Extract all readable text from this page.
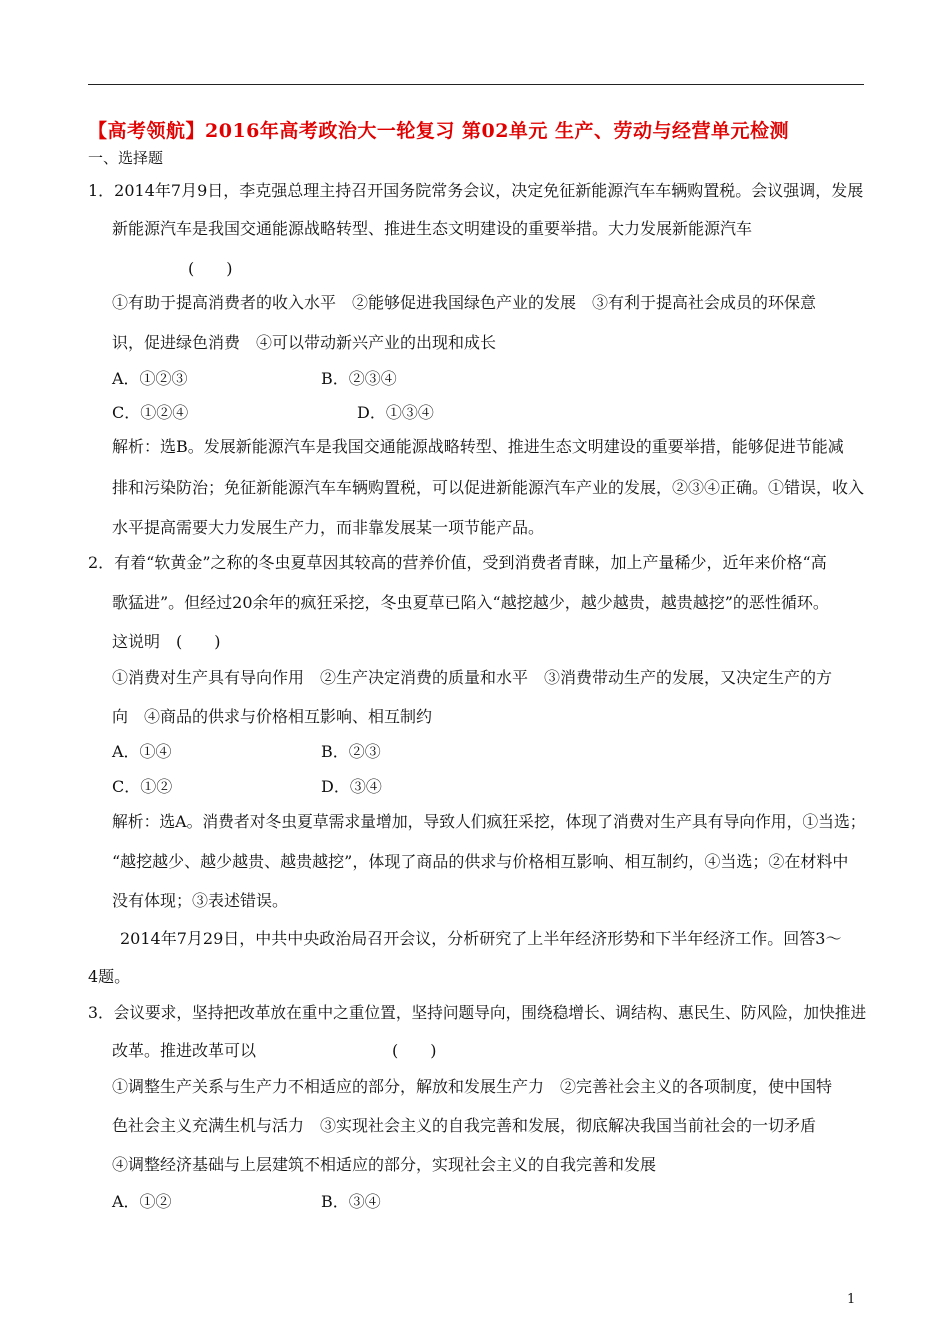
【高考领航】2016年高考政治大一轮复习 第02单元 生产、劳动与经营单元检测
一、选择题
1．2014年7月9日，李克强总理主持召开国务院常务会议，决定免征新能源汽车车辆购置税。会议强调，发展
新能源汽车是我国交通能源战略转型、推进生态文明建设的重要举措。大力发展新能源汽车
(　　)
①有助于提高消费者的收入水平　②能够促进我国绿色产业的发展　③有利于提高社会成员的环保意
识，促进绿色消费　④可以带动新兴产业的出现和成长
A．①②③	B．②③④
C．①②④	D．①③④
解析：选B。发展新能源汽车是我国交通能源战略转型、推进生态文明建设的重要举措，能够促进节能减
排和污染防治；免征新能源汽车车辆购置税，可以促进新能源汽车产业的发展，②③④正确。①错误，收入
水平提高需要大力发展生产力，而非靠发展某一项节能产品。
2．有着“软黄金”之称的冬虫夏草因其较高的营养价值，受到消费者青睐，加上产量稀少，近年来价格“高
歌猛进”。但经过20余年的疯狂采挖，冬虫夏草已陷入“越挖越少，越少越贵，越贵越挖”的恶性循环。
这说明　(　　)
①消费对生产具有导向作用　②生产决定消费的质量和水平　③消费带动生产的发展，又决定生产的方
向　④商品的供求与价格相互影响、相互制约
A．①④	B．②③
C．①②	D．③④
解析：选A。消费者对冬虫夏草需求量增加，导致人们疯狂采挖，体现了消费对生产具有导向作用，①当选；
“越挖越少、越少越贵、越贵越挖”，体现了商品的供求与价格相互影响、相互制约，④当选；②在材料中
没有体现；③表述错误。
2014年7月29日，中共中央政治局召开会议，分析研究了上半年经济形势和下半年经济工作。回答3～
4题。
3．会议要求，坚持把改革放在重中之重位置，坚持问题导向，围绕稳增长、调结构、惠民生、防风险，加快推进
改革。推进改革可以	(　　)
①调整生产关系与生产力不相适应的部分，解放和发展生产力　②完善社会主义的各项制度，使中国特
色社会主义充满生机与活力　③实现社会主义的自我完善和发展，彻底解决我国当前社会的一切矛盾
④调整经济基础与上层建筑不相适应的部分，实现社会主义的自我完善和发展
A．①②	B．③④
1
